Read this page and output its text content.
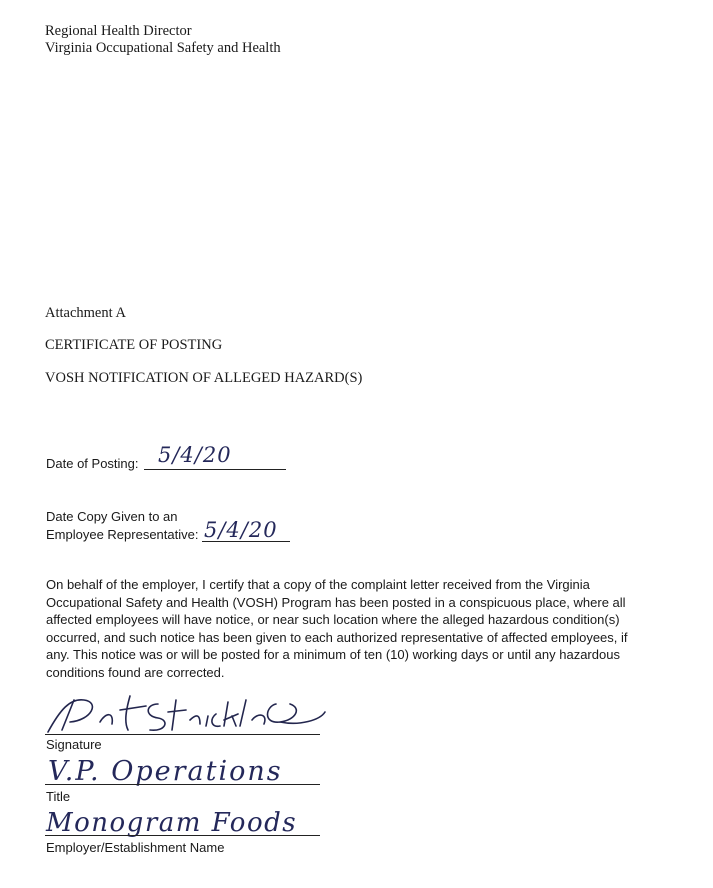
Regional Health Director
Virginia Occupational Safety and Health
Attachment A
CERTIFICATE OF POSTING
VOSH NOTIFICATION OF ALLEGED HAZARD(S)
Date of Posting: 5/4/20
Date Copy Given to an
Employee Representative: 5/4/20
On behalf of the employer, I certify that a copy of the complaint letter received from the Virginia
Occupational Safety and Health (VOSH) Program has been posted in a conspicuous place, where all
affected employees will have notice, or near such location where the alleged hazardous condition(s)
occurred, and such notice has been given to each authorized representative of affected employees, if
any. This notice was or will be posted for a minimum of ten (10) working days or until any hazardous
conditions found are corrected.
Signature
V.P. Operations
Title
Monogram Foods
Employer/Establishment Name
